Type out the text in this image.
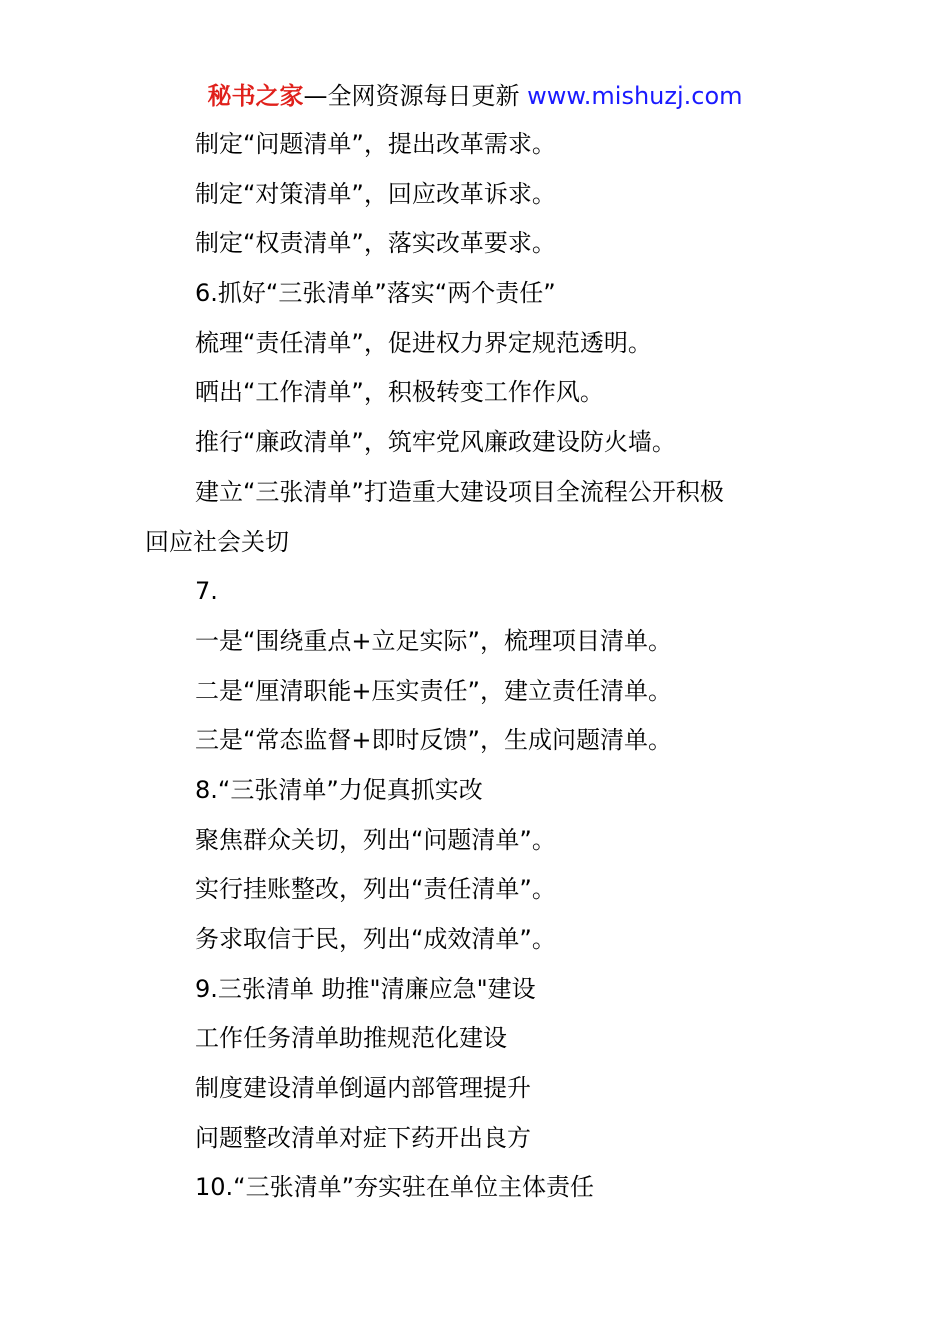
秘书之家—全网资源每日更新 www.mishuzj.com
制定“问题清单”，提出改革需求。
制定“对策清单”，回应改革诉求。
制定“权责清单”，落实改革要求。
6.抓好“三张清单”落实“两个责任”
梳理“责任清单”，促进权力界定规范透明。
晒出“工作清单”，积极转变工作作风。
推行“廉政清单”，筑牢党风廉政建设防火墙。
建立“三张清单”打造重大建设项目全流程公开积极
回应社会关切
7.
一是“围绕重点+立足实际”，梳理项目清单。
二是“厘清职能+压实责任”，建立责任清单。
三是“常态监督+即时反馈”，生成问题清单。
8.“三张清单”力促真抓实改
聚焦群众关切，列出“问题清单”。
实行挂账整改，列出“责任清单”。
务求取信于民，列出“成效清单”。
9.三张清单 助推"清廉应急"建设
工作任务清单助推规范化建设
制度建设清单倒逼内部管理提升
问题整改清单对症下药开出良方
10.“三张清单”夯实驻在单位主体责任
